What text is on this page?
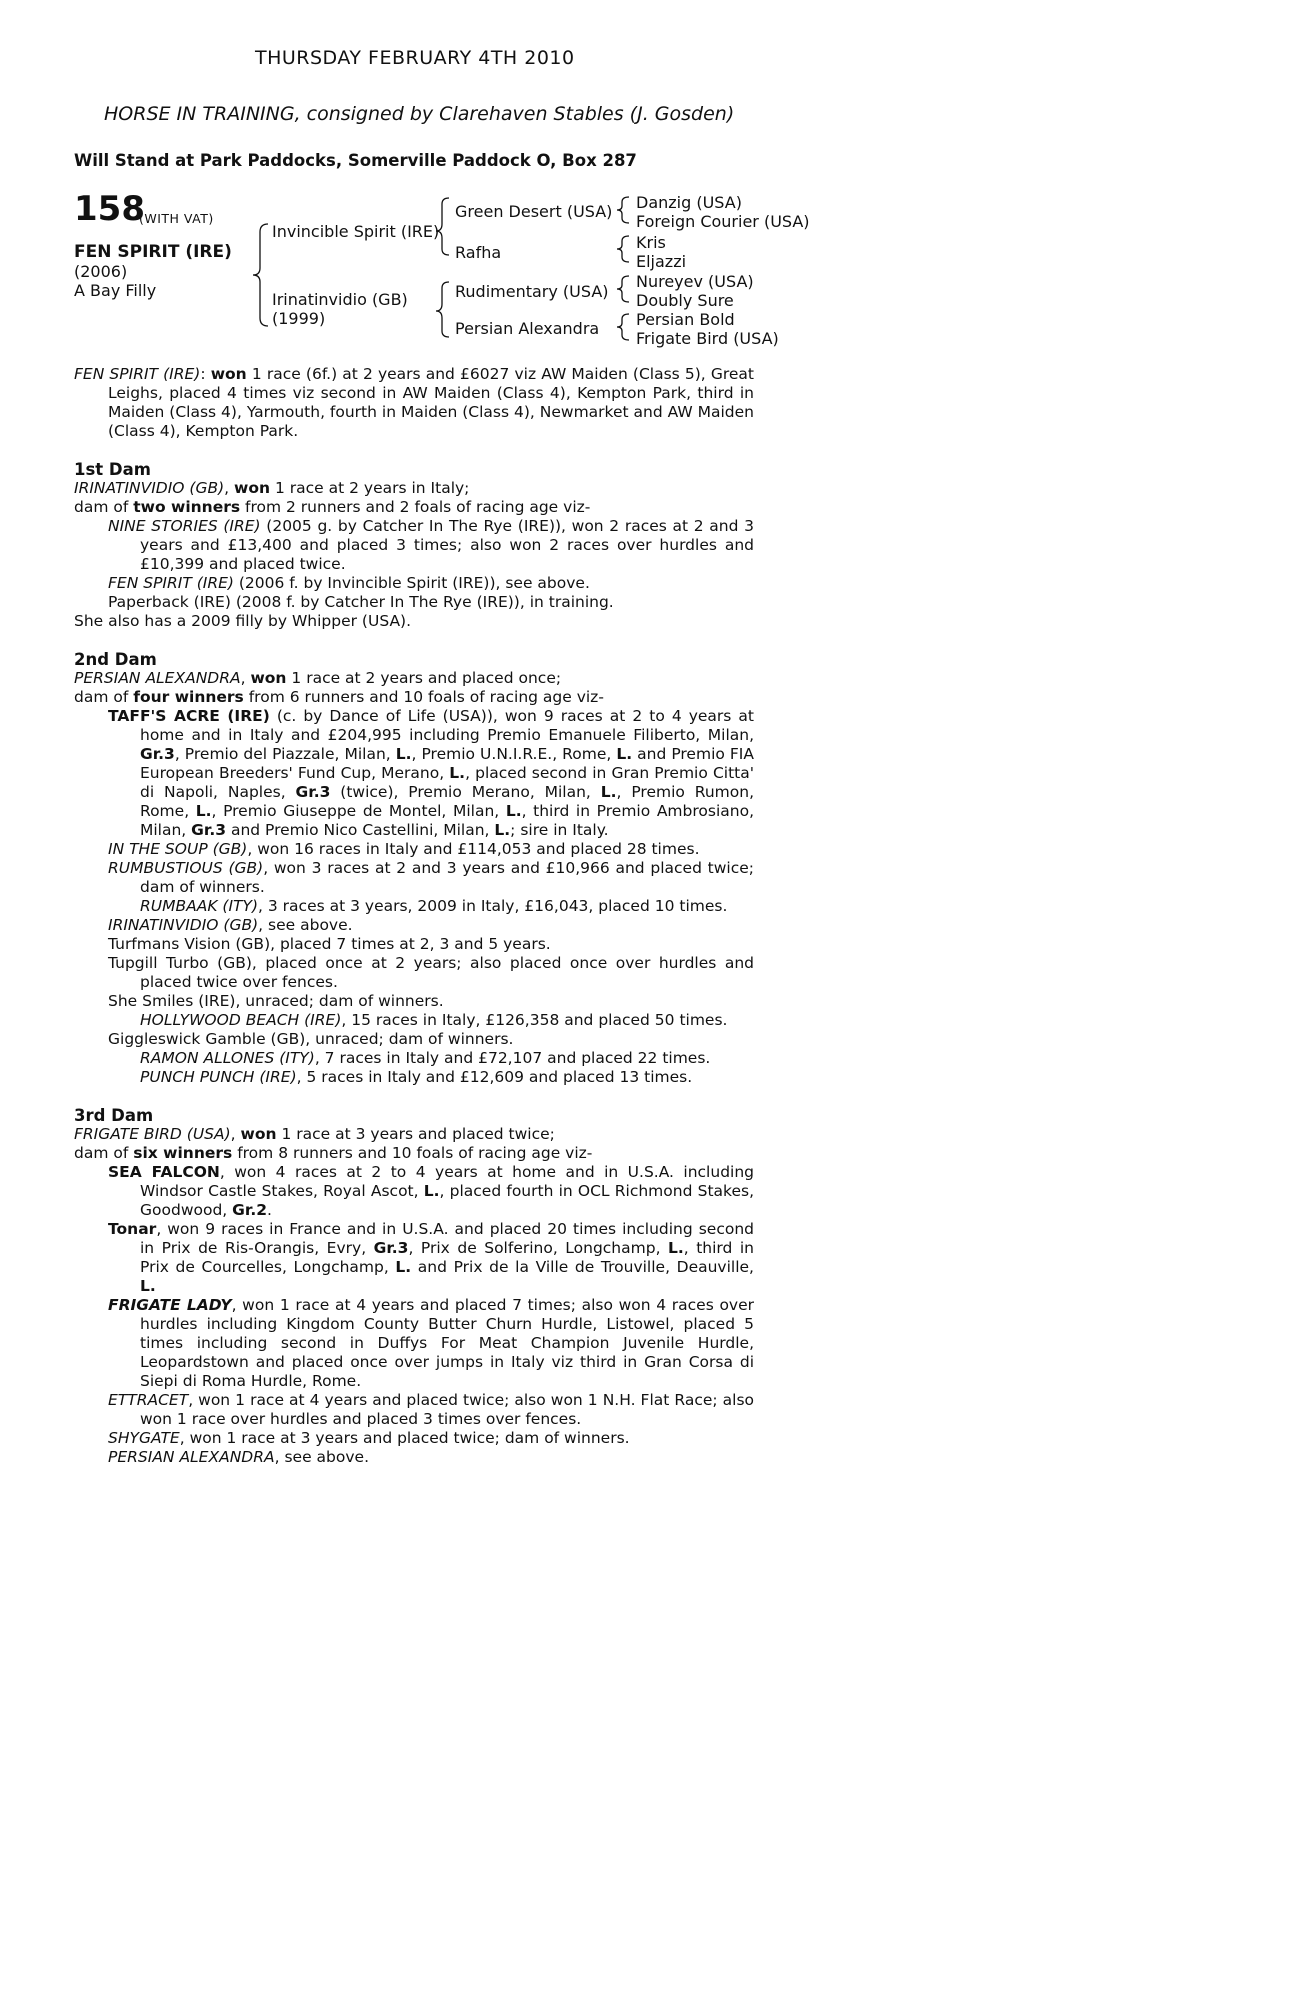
THURSDAY FEBRUARY 4TH 2010
HORSE IN TRAINING, consigned by Clarehaven Stables (J. Gosden)
Will Stand at Park Paddocks, Somerville Paddock O, Box 287
158
(WITH VAT)
FEN SPIRIT (IRE)
(2006)
A Bay Filly
Invincible Spirit (IRE)
Irinatinvidio (GB)
(1999)
Green Desert (USA)
Rafha
Rudimentary (USA)
Persian Alexandra
Danzig (USA)
Foreign Courier (USA)
Kris
Eljazzi
Nureyev (USA)
Doubly Sure
Persian Bold
Frigate Bird (USA)

FEN SPIRIT (IRE): won 1 race (6f.) at 2 years and £6027 viz AW Maiden (Class 5), Great Leighs, placed 4 times viz second in AW Maiden (Class 4), Kempton Park, third in Maiden (Class 4), Yarmouth, fourth in Maiden (Class 4), Newmarket and AW Maiden (Class 4), Kempton Park.

1st Dam

IRINATINVIDIO (GB), won 1 race at 2 years in Italy;

dam of two winners from 2 runners and 2 foals of racing age viz-

NINE STORIES (IRE) (2005 g. by Catcher In The Rye (IRE)), won 2 races at 2 and 3 years and £13,400 and placed 3 times; also won 2 races over hurdles and £10,399 and placed twice.

FEN SPIRIT (IRE) (2006 f. by Invincible Spirit (IRE)), see above.

Paperback (IRE) (2008 f. by Catcher In The Rye (IRE)), in training.

She also has a 2009 filly by Whipper (USA).

2nd Dam

PERSIAN ALEXANDRA, won 1 race at 2 years and placed once;

dam of four winners from 6 runners and 10 foals of racing age viz-

TAFF'S ACRE (IRE) (c. by Dance of Life (USA)), won 9 races at 2 to 4 years at home and in Italy and £204,995 including Premio Emanuele Filiberto, Milan, Gr.3, Premio del Piazzale, Milan, L., Premio U.N.I.R.E., Rome, L. and Premio FIA European Breeders' Fund Cup, Merano, L., placed second in Gran Premio Citta' di Napoli, Naples, Gr.3 (twice), Premio Merano, Milan, L., Premio Rumon, Rome, L., Premio Giuseppe de Montel, Milan, L., third in Premio Ambrosiano, Milan, Gr.3 and Premio Nico Castellini, Milan, L.; sire in Italy.

IN THE SOUP (GB), won 16 races in Italy and £114,053 and placed 28 times.

RUMBUSTIOUS (GB), won 3 races at 2 and 3 years and £10,966 and placed twice; dam of winners.

RUMBAAK (ITY), 3 races at 3 years, 2009 in Italy, £16,043, placed 10 times.

IRINATINVIDIO (GB), see above.

Turfmans Vision (GB), placed 7 times at 2, 3 and 5 years.

Tupgill Turbo (GB), placed once at 2 years; also placed once over hurdles and placed twice over fences.

She Smiles (IRE), unraced; dam of winners.

HOLLYWOOD BEACH (IRE), 15 races in Italy, £126,358 and placed 50 times.

Giggleswick Gamble (GB), unraced; dam of winners.

RAMON ALLONES (ITY), 7 races in Italy and £72,107 and placed 22 times.

PUNCH PUNCH (IRE), 5 races in Italy and £12,609 and placed 13 times.

3rd Dam

FRIGATE BIRD (USA), won 1 race at 3 years and placed twice;

dam of six winners from 8 runners and 10 foals of racing age viz-

SEA FALCON, won 4 races at 2 to 4 years at home and in U.S.A. including Windsor Castle Stakes, Royal Ascot, L., placed fourth in OCL Richmond Stakes, Goodwood, Gr.2.

Tonar, won 9 races in France and in U.S.A. and placed 20 times including second in Prix de Ris-Orangis, Evry, Gr.3, Prix de Solferino, Longchamp, L., third in Prix de Courcelles, Longchamp, L. and Prix de la Ville de Trouville, Deauville, L.

FRIGATE LADY, won 1 race at 4 years and placed 7 times; also won 4 races over hurdles including Kingdom County Butter Churn Hurdle, Listowel, placed 5 times including second in Duffys For Meat Champion Juvenile Hurdle, Leopardstown and placed once over jumps in Italy viz third in Gran Corsa di Siepi di Roma Hurdle, Rome.

ETTRACET, won 1 race at 4 years and placed twice; also won 1 N.H. Flat Race; also won 1 race over hurdles and placed 3 times over fences.

SHYGATE, won 1 race at 3 years and placed twice; dam of winners.

PERSIAN ALEXANDRA, see above.
